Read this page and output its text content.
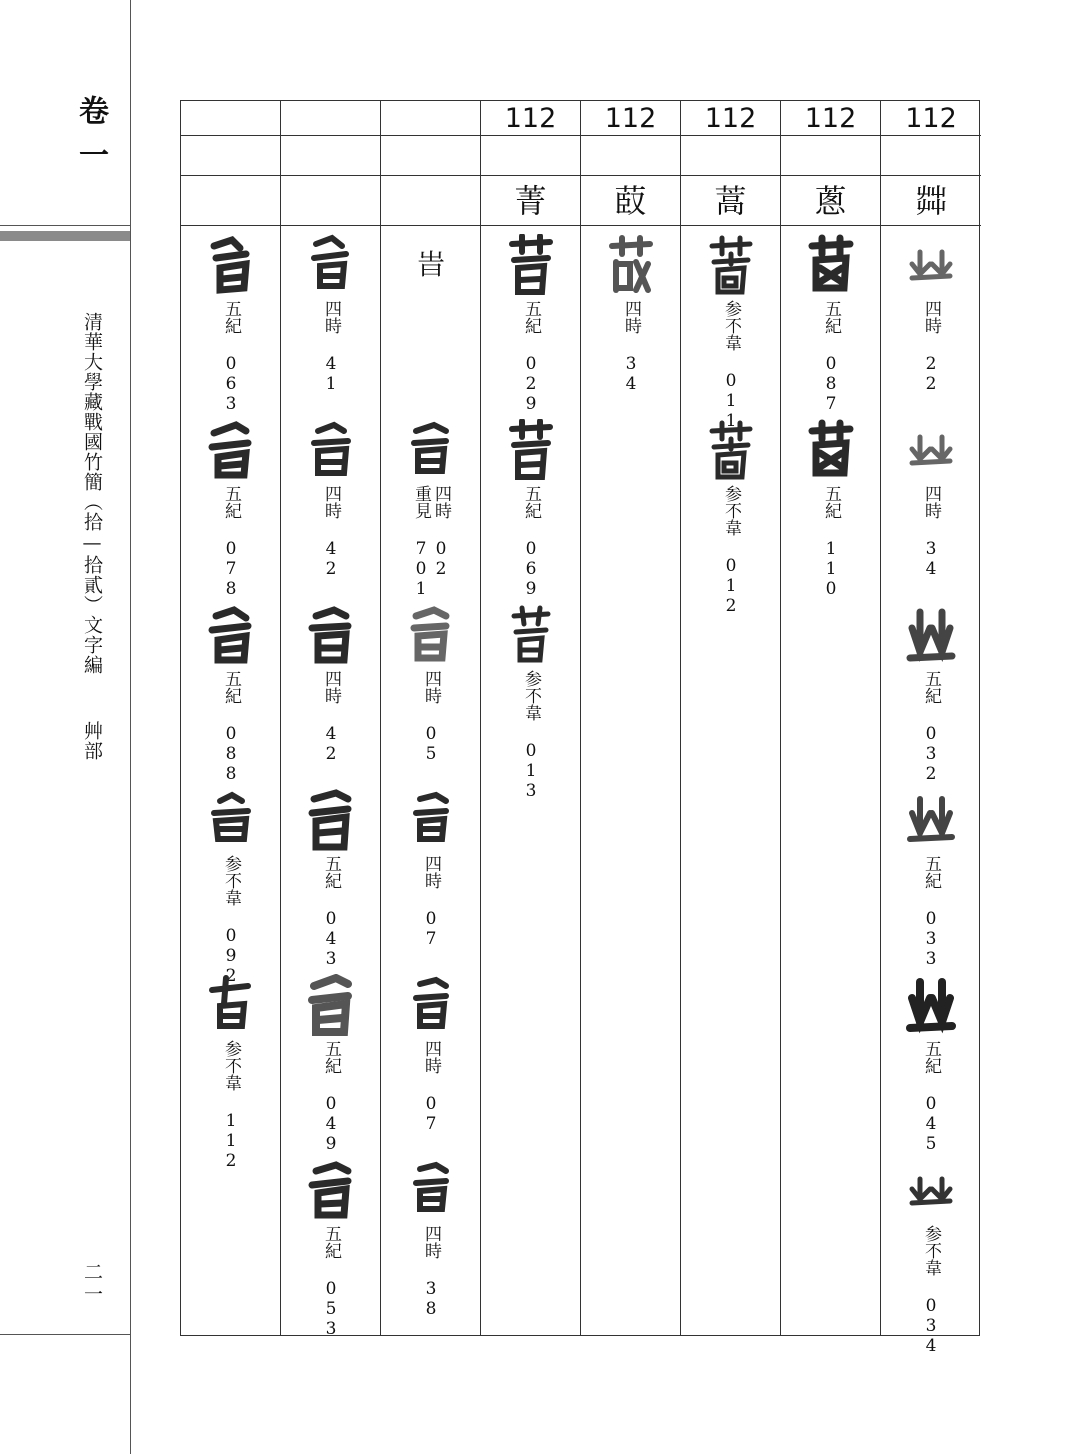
卷一
清華大學藏戰國竹簡（拾—拾貳）文字編  艸部
二一
五紀 063
五紀 078
五紀 088
参不韋 092
参不韋 112
四時 41
四時 42
四時 42
五紀 043
五紀 049
五紀 053
旹
四時 02
重見 701
四時 05
四時 07
四時 07
四時 38
112
菁
五紀 029
五紀 069
参不韋 013
112
菣
四時 34
112
蒿
参不韋 011
参不韋 012
112
蔥
五紀 087
五紀 110
112
茻
四時 22
四時 34
五紀 032
五紀 033
五紀 045
参不韋 034
